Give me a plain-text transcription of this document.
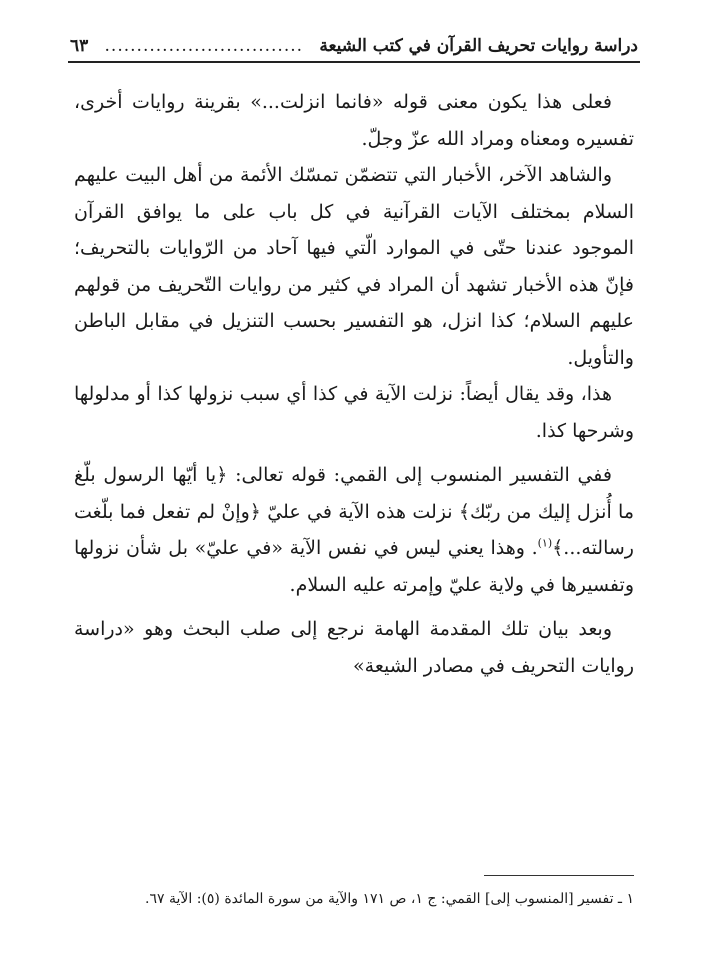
دراسة روايات تحريف القرآن في كتب الشيعة
...............................
٦٣

فعلى هذا يكون معنى قوله «فانما انزلت...» بقرينة روايات أخرى، تفسيره ومعناه ومراد الله عزّ وجلّ.

والشاهد الآخر، الأخبار التي تتضمّن تمسّك الأئمة من أهل البيت عليهم السلام بمختلف الآيات القرآنية في كل باب على ما يوافق القرآن الموجود عندنا حتّى في الموارد الّتي فيها آحاد من الرّوايات بالتحريف؛ فإنّ هذه الأخبار تشهد أن المراد في كثير من روايات التّحريف من قولهم عليهم السلام؛ كذا انزل، هو التفسير بحسب التنزيل في مقابل الباطن والتأويل.

هذا، وقد يقال أيضاً: نزلت الآية في كذا أي سبب نزولها كذا أو مدلولها وشرحها كذا.

ففي التفسير المنسوب إلى القمي: قوله تعالى: ﴿يا أيّها الرسول بلّغ ما أُنزل إليك من ربّك﴾ نزلت هذه الآية في عليّ ﴿وإنْ لم تفعل فما بلّغت رسالته...﴾$^{(١)}$. وهذا يعني ليس في نفس الآية «في عليّ» بل شأن نزولها وتفسيرها في ولاية عليّ وإمرته عليه السلام.

وبعد بيان تلك المقدمة الهامة نرجع إلى صلب البحث وهو «دراسة روايات التحريف في مصادر الشيعة»

١ ـ تفسير [المنسوب إلى] القمي: ج ١، ص ١٧١ والآية من سورة المائدة (٥): الآية ٦٧.
